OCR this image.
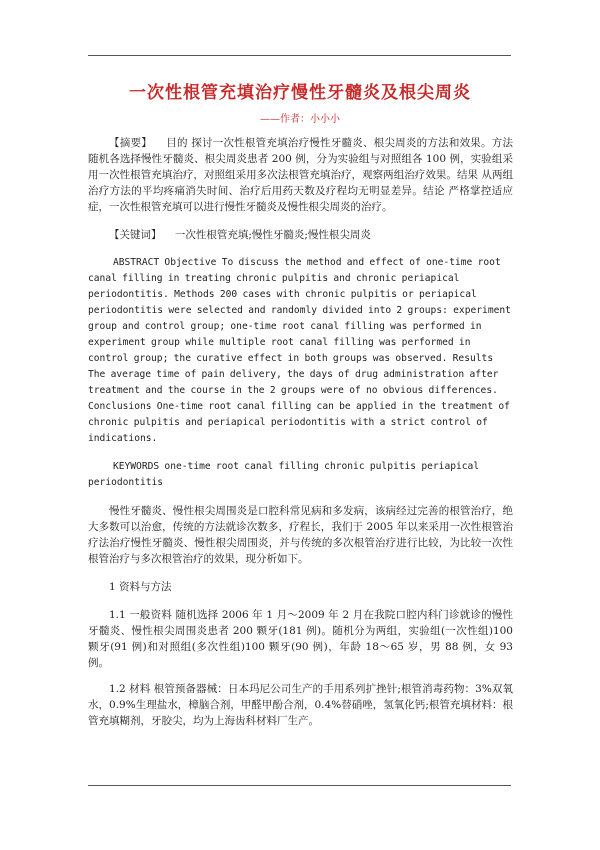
一次性根管充填治疗慢性牙髓炎及根尖周炎
——作者：小小小

【摘要】 目的 探讨一次性根管充填治疗慢性牙髓炎、根尖周炎的方法和效果。方法 随机各选择慢性牙髓炎、根尖周炎患者 200 例，分为实验组与对照组各 100 例，实验组采用一次性根管充填治疗，对照组采用多次法根管充填治疗，观察两组治疗效果。结果 从两组治疗方法的平均疼痛消失时间、治疗后用药天数及疗程均无明显差异。结论 严格掌控适应症，一次性根管充填可以进行慢性牙髓炎及慢性根尖周炎的治疗。

【关键词】 一次性根管充填;慢性牙髓炎;慢性根尖周炎

ABSTRACT Objective To discuss the method and effect of one-time root canal filling in treating chronic pulpitis and chronic periapical periodontitis. Methods 200 cases with chronic pulpitis or periapical periodontitis were selected and randomly divided into 2 groups: experiment group and control group; one-time root canal filling was performed in experiment group while multiple root canal filling was performed in control group; the curative effect in both groups was observed. Results The average time of pain delivery, the days of drug administration after treatment and the course in the 2 groups were of no obvious differences. Conclusions One-time root canal filling can be applied in the treatment of chronic pulpitis and periapical periodontitis with a strict control of indications.

KEYWORDS one-time root canal filling chronic pulpitis periapical periodontitis

慢性牙髓炎、慢性根尖周围炎是口腔科常见病和多发病，该病经过完善的根管治疗，绝大多数可以治愈，传统的方法就诊次数多，疗程长，我们于 2005 年以来采用一次性根管治疗法治疗慢性牙髓炎、慢性根尖周围炎，并与传统的多次根管治疗进行比较，为比较一次性根管治疗与多次根管治疗的效果，现分析如下。

1 资料与方法

1.1 一般资料 随机选择 2006 年 1 月～2009 年 2 月在我院口腔内科门诊就诊的慢性牙髓炎、慢性根尖周围炎患者 200 颗牙(181 例)。随机分为两组，实验组(一次性组)100 颗牙(91 例)和对照组(多次性组)100 颗牙(90 例)，年龄 18～65 岁，男 88 例，女 93 例。

1.2 材料 根管预备器械：日本玛尼公司生产的手用系列扩挫针;根管消毒药物：3%双氧水，0.9%生理盐水，樟脑合剂，甲醛甲酚合剂，0.4%替硝唑，氢氧化钙;根管充填材料：根管充填糊剂，牙胶尖，均为上海齿科材料厂生产。
